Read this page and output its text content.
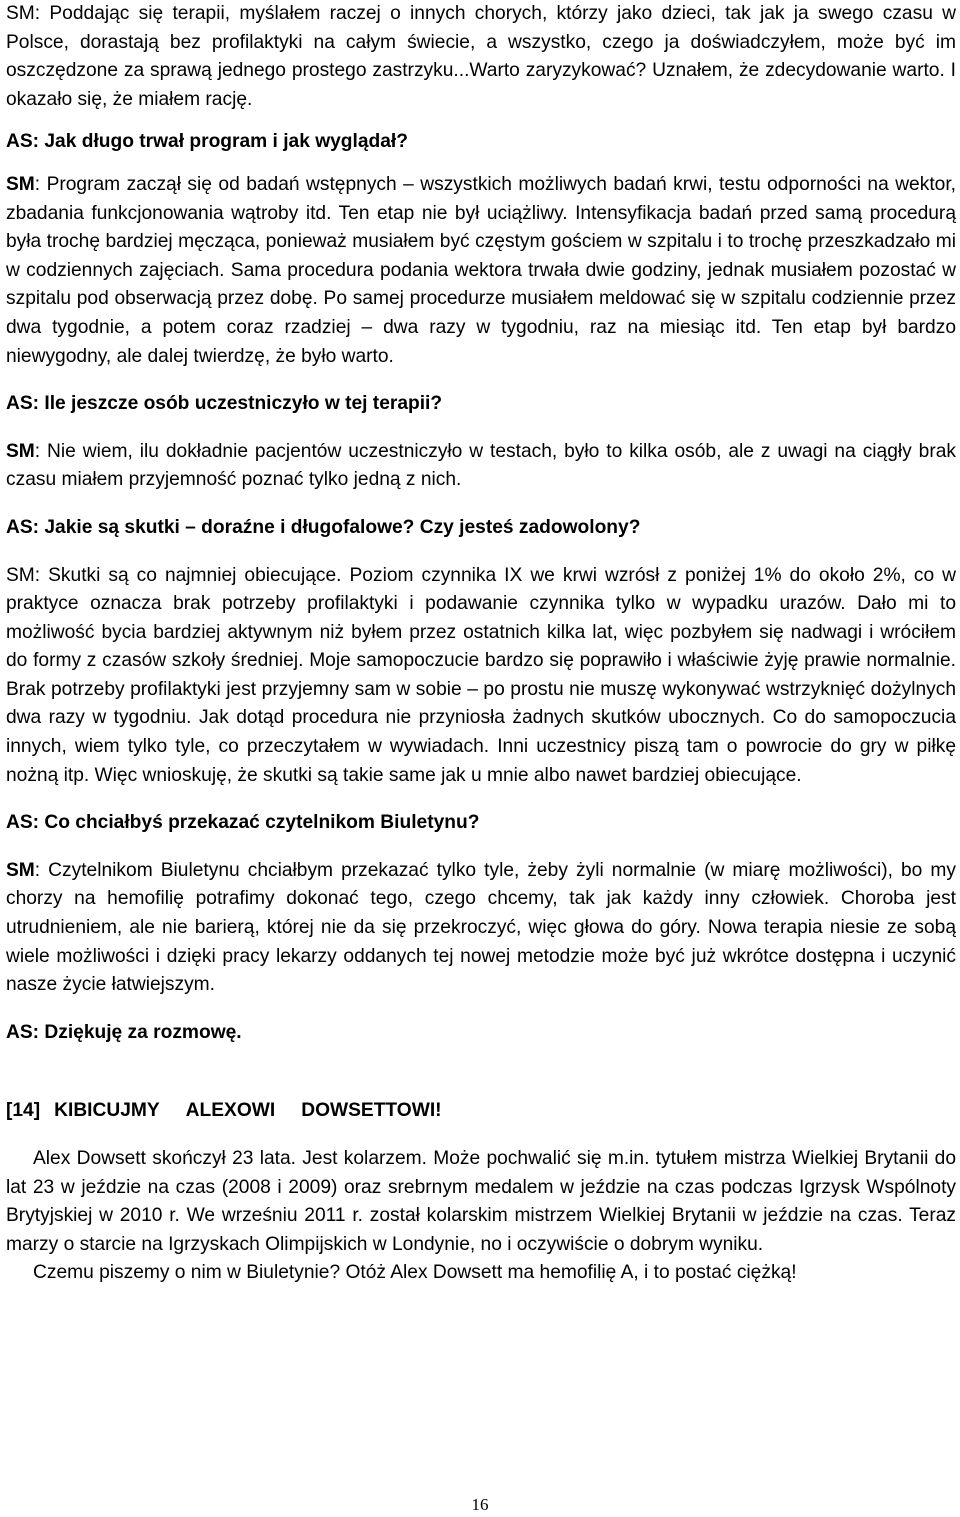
SM: Poddając się terapii, myślałem raczej o innych chorych, którzy jako dzieci, tak jak ja swego czasu w Polsce, dorastają bez profilaktyki na całym świecie, a wszystko, czego ja doświadczyłem, może być im oszczędzone za sprawą jednego prostego zastrzyku...Warto zaryzykować? Uznałem, że zdecydowanie warto. I okazało się, że miałem rację.

AS: Jak długo trwał program i jak wyglądał?

SM: Program zaczął się od badań wstępnych – wszystkich możliwych badań krwi, testu odporności na wektor, zbadania funkcjonowania wątroby itd. Ten etap nie był uciążliwy. Intensyfikacja badań przed samą procedurą była trochę bardziej męcząca, ponieważ musiałem być częstym gościem w szpitalu i to trochę przeszkadzało mi w codziennych zajęciach. Sama procedura podania wektora trwała dwie godziny, jednak musiałem pozostać w szpitalu pod obserwacją przez dobę. Po samej procedurze musiałem meldować się w szpitalu codziennie przez dwa tygodnie, a potem coraz rzadziej – dwa razy w tygodniu, raz na miesiąc itd. Ten etap był bardzo niewygodny, ale dalej twierdzę, że było warto.

AS: Ile jeszcze osób uczestniczyło w tej terapii?

SM: Nie wiem, ilu dokładnie pacjentów uczestniczyło w testach, było to kilka osób, ale z uwagi na ciągły brak czasu miałem przyjemność poznać tylko jedną z nich.

AS: Jakie są skutki – doraźne i długofalowe? Czy jesteś zadowolony?

SM: Skutki są co najmniej obiecujące. Poziom czynnika IX we krwi wzrósł z poniżej 1% do około 2%, co w praktyce oznacza brak potrzeby profilaktyki i podawanie czynnika tylko w wypadku urazów. Dało mi to możliwość bycia bardziej aktywnym niż byłem przez ostatnich kilka lat, więc pozbyłem się nadwagi i wróciłem do formy z czasów szkoły średniej. Moje samopoczucie bardzo się poprawiło i właściwie żyję prawie normalnie. Brak potrzeby profilaktyki jest przyjemny sam w sobie – po prostu nie muszę wykonywać wstrzyknięć dożylnych dwa razy w tygodniu. Jak dotąd procedura nie przyniosła żadnych skutków ubocznych. Co do samopoczucia innych, wiem tylko tyle, co przeczytałem w wywiadach. Inni uczestnicy piszą tam o powrocie do gry w piłkę nożną itp. Więc wnioskuję, że skutki są takie same jak u mnie albo nawet bardziej obiecujące.

AS: Co chciałbyś przekazać czytelnikom Biuletynu?

SM: Czytelnikom Biuletynu chciałbym przekazać tylko tyle, żeby żyli normalnie (w miarę możliwości), bo my chorzy na hemofilię potrafimy dokonać tego, czego chcemy, tak jak każdy inny człowiek. Choroba jest utrudnieniem, ale nie barierą, której nie da się przekroczyć, więc głowa do góry. Nowa terapia niesie ze sobą wiele możliwości i dzięki pracy lekarzy oddanych tej nowej metodzie może być już wkrótce dostępna i uczynić nasze życie łatwiejszym.

AS: Dziękuję za rozmowę.

[14] KIBICUJMY ALEXOWI DOWSETTOWI!

Alex Dowsett skończył 23 lata. Jest kolarzem. Może pochwalić się m.in. tytułem mistrza Wielkiej Brytanii do lat 23 w jeździe na czas (2008 i 2009) oraz srebrnym medalem w jeździe na czas podczas Igrzysk Wspólnoty Brytyjskiej w 2010 r. We wrześniu 2011 r. został kolarskim mistrzem Wielkiej Brytanii w jeździe na czas. Teraz marzy o starcie na Igrzyskach Olimpijskich w Londynie, no i oczywiście o dobrym wyniku.

Czemu piszemy o nim w Biuletynie? Otóż Alex Dowsett ma hemofilię A, i to postać ciężką!

16
